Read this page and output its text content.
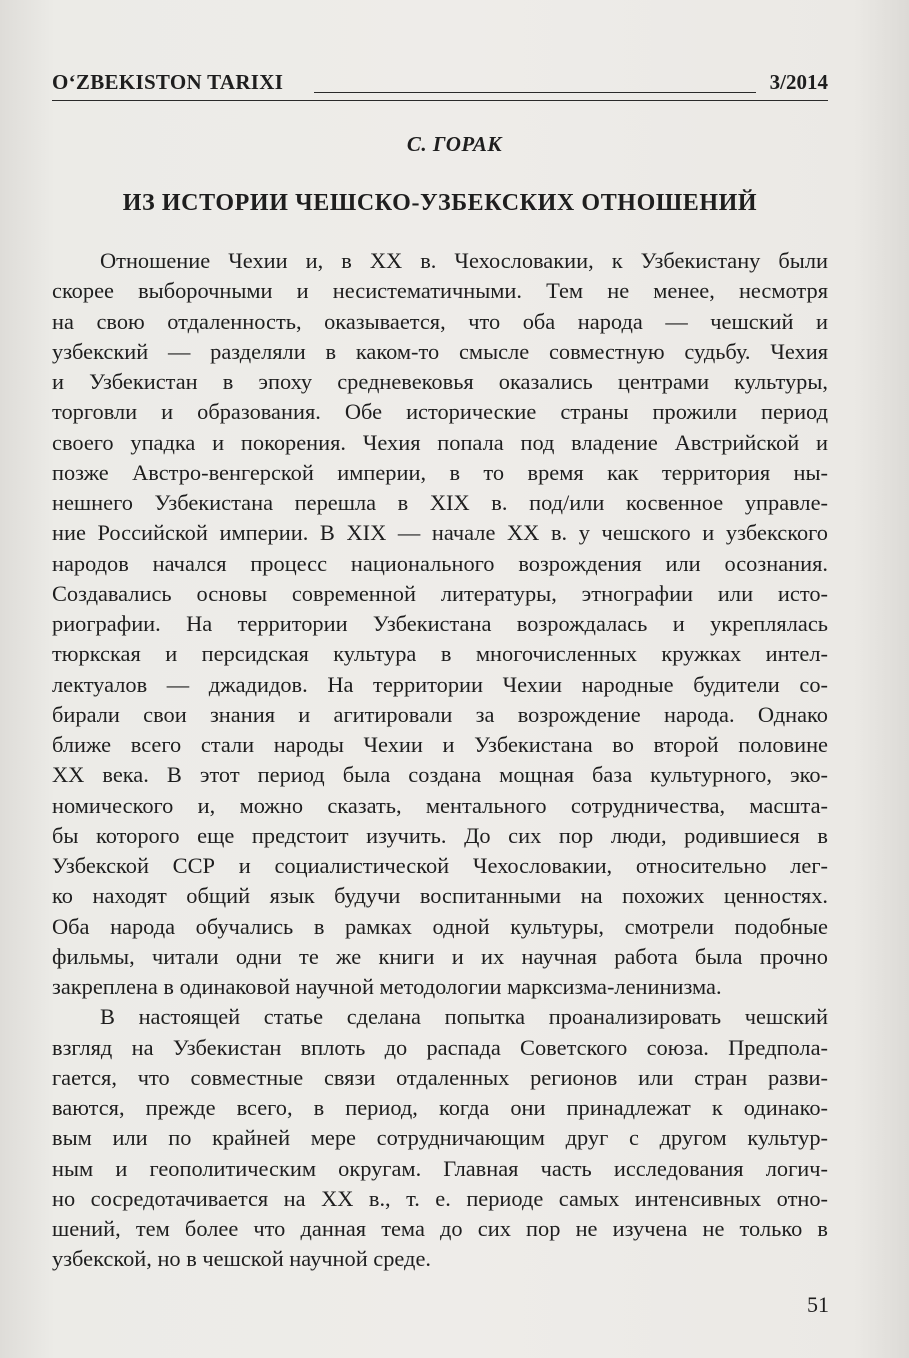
O‘ZBEKISTON TARIXI	3/2014
С. ГОРАК
ИЗ ИСТОРИИ ЧЕШСКО-УЗБЕКСКИХ ОТНОШЕНИЙ
Отношение Чехии и, в XX в. Чехословакии, к Узбекистану были
скорее выборочными и несистематичными. Тем не менее, несмотря
на свою отдаленность, оказывается, что оба народа — чешский и
узбекский — разделяли в каком-то смысле совместную судьбу. Чехия
и Узбекистан в эпоху средневековья оказались центрами культуры,
торговли и образования. Обе исторические страны прожили период
своего упадка и покорения. Чехия попала под владение Австрийской и
позже Австро-венгерской империи, в то время как территория ны-
нешнего Узбекистана перешла в XIX в. под/или косвенное управле-
ние Российской империи. В XIX — начале XX в. у чешского и узбекского
народов начался процесс национального возрождения или осознания.
Создавались основы современной литературы, этнографии или исто-
риографии. На территории Узбекистана возрождалась и укреплялась
тюркская и персидская культура в многочисленных кружках интел-
лектуалов — джадидов. На территории Чехии народные будители со-
бирали свои знания и агитировали за возрождение народа. Однако
ближе всего стали народы Чехии и Узбекистана во второй половине
XX века. В этот период была создана мощная база культурного, эко-
номического и, можно сказать, ментального сотрудничества, масшта-
бы которого еще предстоит изучить. До сих пор люди, родившиеся в
Узбекской ССР и социалистической Чехословакии, относительно лег-
ко находят общий язык будучи воспитанными на похожих ценностях.
Оба народа обучались в рамках одной культуры, смотрели подобные
фильмы, читали одни те же книги и их научная работа была прочно
закреплена в одинаковой научной методологии марксизма-ленинизма.
В настоящей статье сделана попытка проанализировать чешский
взгляд на Узбекистан вплоть до распада Советского союза. Предпола-
гается, что совместные связи отдаленных регионов или стран разви-
ваются, прежде всего, в период, когда они принадлежат к одинако-
вым или по крайней мере сотрудничающим друг с другом культур-
ным и геополитическим округам. Главная часть исследования логич-
но сосредотачивается на XX в., т. е. периоде самых интенсивных отно-
шений, тем более что данная тема до сих пор не изучена не только в
узбекской, но в чешской научной среде.
51
